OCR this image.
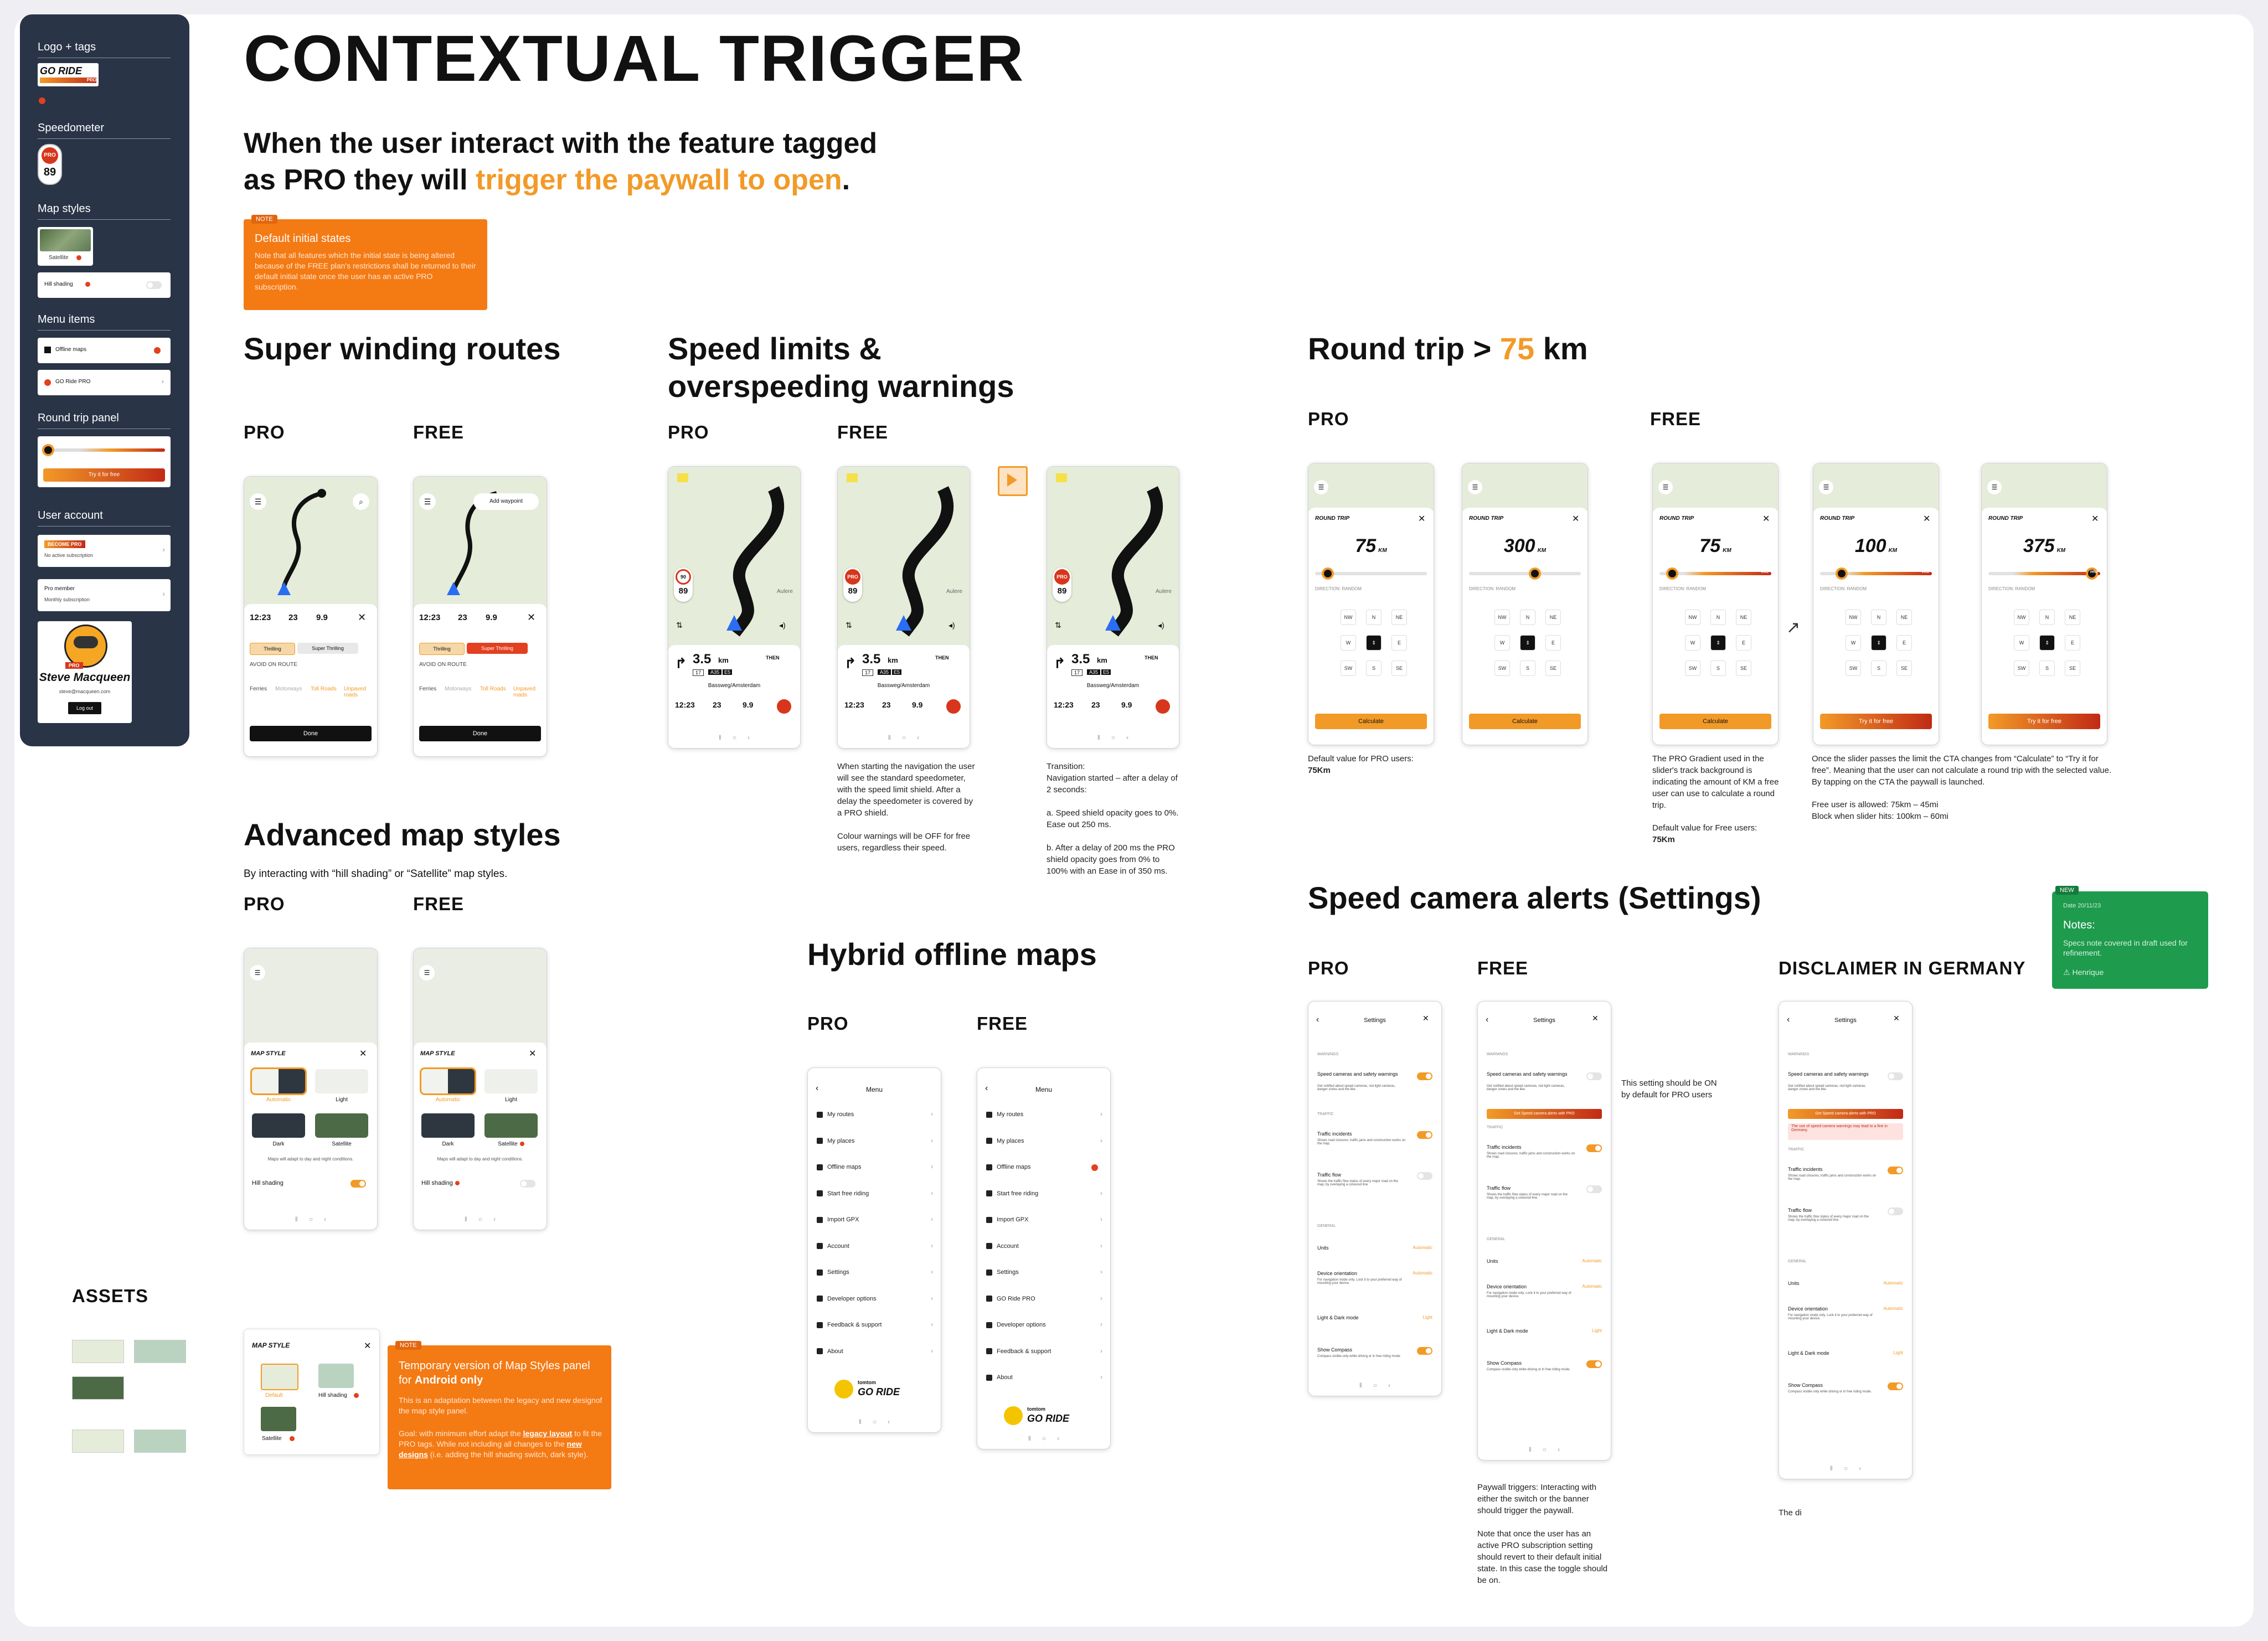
Logo + tags
GO RIDE
PRO
Speedometer
PRO
89
Map styles
Satellite
Hill shading
Menu items
Offline maps
GO Ride PRO	›
Round trip panel
Try it for free
User account
BECOME PRO
No active subscription
›
Pro member
Monthly subscription
›
PRO
Steve Macqueen
steve@macqueen.com
Log out
CONTEXTUAL TRIGGER
When the user interact with the feature tagged
as PRO they will trigger the paywall to open.
NOTE
Default initial states
Note that all features which the initial state is being altered because of the FREE plan's restrictions shall be returned to their default initial state once the user has an active PRO subscription.
Super winding routes
PRO	FREE
☰	⌕
12:23 23 9.9	✕
Thrilling	Super Thrilling
AVOID ON ROUTE
Ferries Motorways Toll Roads Unpaved roads
Done
☰	Add waypoint
12:23 23 9.9	✕
Thrilling	Super Thrilling
AVOID ON ROUTE
Ferries Motorways Toll Roads Unpaved roads
Done
Speed limits &
overspeeding warnings
PRO	FREE
When starting the navigation the user will see the standard speedometer, with the speed limit shield. After a delay the speedometer is covered by a PRO shield.

Colour warnings will be OFF for free users, regardless their speed.
Transition:
Navigation started – after a delay of 2 seconds:

a. Speed shield opacity goes to 0%. Ease out 250 ms.

b. After a delay of 200 ms the PRO shield opacity goes from 0% to 100% with an Ease in of 350 ms.
Round trip > 75 km
PRO	FREE
Default value for PRO users:
75Km
The PRO Gradient used in the slider's track background is indicating the amount of KM a free user can use to calculate a round trip.
Default value for Free users:
75Km
↗
Once the slider passes the limit the CTA changes from “Calculate” to “Try it for free”. Meaning that the user can not calculate a round trip with the selected value. By tapping on the CTA the paywall is launched.
Free user is allowed: 75km – 45mi
Block when slider hits: 100km – 60mi
Advanced map styles
By interacting with “hill shading” or “Satellite” map styles.
PRO	FREE
Hybrid offline maps
PRO	FREE
Speed camera alerts (Settings)
PRO	FREE	DISCLAIMER IN GERMANY
This setting should be ON by default for PRO users
Paywall triggers: Interacting with either the switch or the banner should trigger the paywall.

Note that once the user has an active PRO subscription setting should revert to their default initial state. In this case the toggle should be on.
The di
NEW
Date 20/11/23
Notes:
Specs note covered in draft used for refinement.
⚠ Henrique
ASSETS
MAP STYLE	✕
Default	Hill shading
Satellite
NOTE
Temporary version of Map Styles panel for Android only
This is an adaptation between the legacy and new designof the map style panel.
Goal: with minimum effort adapt the legacy layout to fit the PRO tags. While not including all changes to the new designs (i.e. adding the hill shading switch, dark style).
Aulere
90
89
⇅	◂)
↱ 3.5 km	THEN
17	A35 E5
Bassweg/Amsterdam
12:23 23	9.9
‖      ○      ‹
Aulere
PRO
89
⇅	◂)
↱ 3.5 km	THEN
17	A35 E5
Bassweg/Amsterdam
12:23 23	9.9
‖      ○      ‹
Aulere
PRO
89
⇅	◂)
↱ 3.5 km	THEN
17	A35 E5
Bassweg/Amsterdam
12:23 23	9.9
‖      ○      ‹
☰
ROUND TRIP	✕
75 KM
DIRECTION: RANDOM
NW	N	NE
W	⇕	E
SW	S	SE
Calculate
☰
ROUND TRIP	✕
300 KM
DIRECTION: RANDOM
NW	N	NE
W	⇕	E
SW	S	SE
Calculate
☰
ROUND TRIP	✕
75 KM
PRO
DIRECTION: RANDOM
NW	N	NE
W	⇕	E
SW	S	SE
Calculate
☰
ROUND TRIP	✕
100 KM
PRO
DIRECTION: RANDOM
NW	N	NE
W	⇕	E
SW	S	SE
Try it for free
☰
ROUND TRIP	✕
375 KM
PRO
DIRECTION: RANDOM
NW	N	NE
W	⇕	E
SW	S	SE
Try it for free
☰
MAP STYLE	✕
Automatic	Light
Dark	Satellite
Maps will adapt to day and night conditions.
Hill shading
‖      ○      ‹
☰
MAP STYLE	✕
Automatic	Light
Dark	Satellite
Maps will adapt to day and night conditions.
Hill shading
‖      ○      ‹
‹	Menu
My routes	›
My places	›
Offline maps	›
Start free riding	›
Import GPX	›
Account	›
Settings	›
Developer options	›
Feedback & support	›
About	›
tomtom
GO RIDE
‖      ○      ‹
‹	Menu
My routes	›
My places	›
Offline maps
Start free riding	›
Import GPX	›
Account	›
Settings	›
GO Ride PRO	›
Developer options	›
Feedback & support	›
About	›
tomtom
GO RIDE
‖      ○      ‹
‹	Settings	✕
WARNINGS
Speed cameras and safety warnings
Get notified about speed cameras, red light cameras, danger zones and the like.
TRAFFIC
Traffic incidents
Shows road closures, traffic jams and construction works on the map.
Traffic flow
Shows the traffic flow status of every major road on the map, by overlaying a coloured line.
GENERAL
Units	Automatic
Device orientation	Automatic
For navigation mode only. Lock it to your preferred way of mounting your device.
Light & Dark mode	Light
Show Compass
Compass visible only while driving or in free riding mode.
‖      ○      ‹
‹	Settings	✕
WARNINGS
Speed cameras and safety warnings
Get notified about speed cameras, red light cameras, danger zones and the like.
Get Speed camera alerts with PRO
TRAFFIC
Traffic incidents
Shows road closures, traffic jams and construction works on the map.
Traffic flow
Shows the traffic flow status of every major road on the map, by overlaying a coloured line.
GENERAL
Units	Automatic
Device orientation	Automatic
For navigation mode only. Lock it to your preferred way of mounting your device.
Light & Dark mode	Light
Show Compass
Compass visible only while driving or in free riding mode.
‖      ○      ‹
‹	Settings	✕
WARNINGS
Speed cameras and safety warnings
Get notified about speed cameras, red light cameras, danger zones and the like.
Get Speed camera alerts with PRO
The use of speed camera warnings may lead to a fine in Germany.
TRAFFIC
Traffic incidents
Shows road closures, traffic jams and construction works on the map.
Traffic flow
Shows the traffic flow status of every major road on the map, by overlaying a coloured line.
GENERAL
Units	Automatic
Device orientation	Automatic
For navigation mode only. Lock it to your preferred way of mounting your device.
Light & Dark mode	Light
Show Compass
Compass visible only while driving or in free riding mode.
‖      ○      ‹
